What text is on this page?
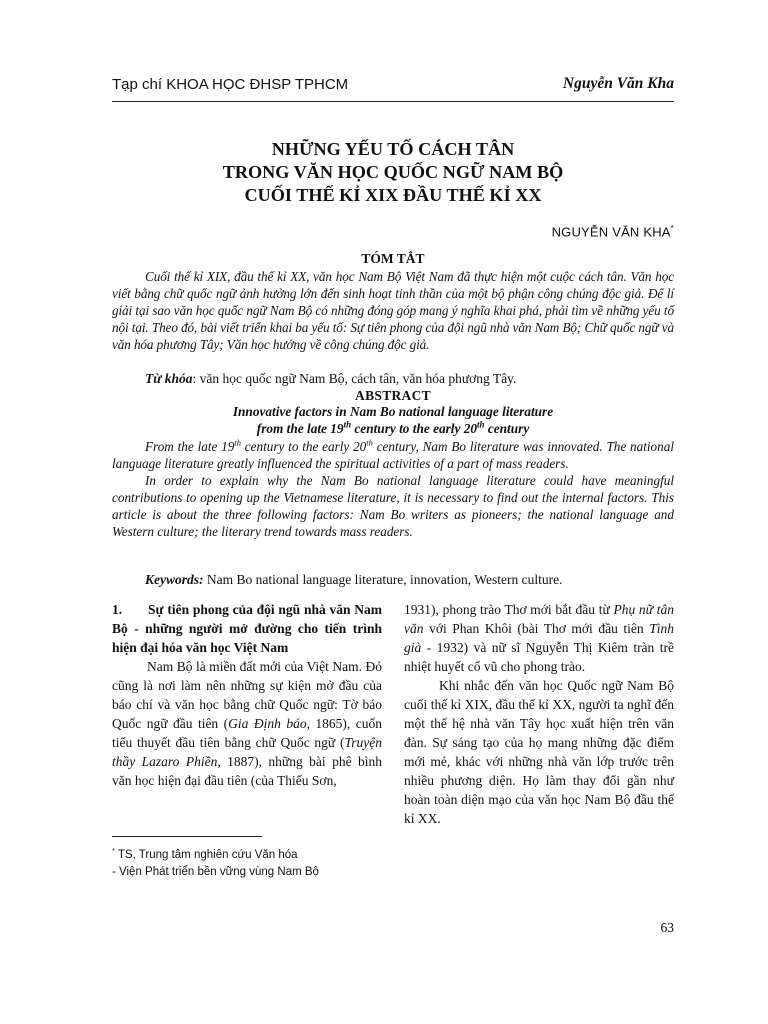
Tạp chí KHOA HỌC ĐHSP TPHCM	Nguyễn Văn Kha
NHỮNG YẾU TỐ CÁCH TÂN
TRONG VĂN HỌC QUỐC NGỮ NAM BỘ
CUỐI THẾ KỈ XIX ĐẦU THẾ KỈ XX
NGUYỄN VĂN KHA*
TÓM TẮT

Cuối thế kỉ XIX, đầu thế kỉ XX, văn học Nam Bộ Việt Nam đã thực hiện một cuộc cách tân. Văn học viết bằng chữ quốc ngữ ảnh hưởng lớn đến sinh hoạt tinh thần của một bộ phận công chúng độc giả. Để lí giải tại sao văn học quốc ngữ Nam Bộ có những đóng góp mang ý nghĩa khai phá, phải tìm về những yếu tố nội tại. Theo đó, bài viết triển khai ba yếu tố: Sự tiên phong của đội ngũ nhà văn Nam Bộ; Chữ quốc ngữ và văn hóa phương Tây; Văn học hướng về công chúng độc giả.

Từ khóa: văn học quốc ngữ Nam Bộ, cách tân, văn hóa phương Tây.
ABSTRACT
Innovative factors in Nam Bo national language literature
from the late 19th century to the early 20th century

From the late 19th century to the early 20th century, Nam Bo literature was innovated. The national language literature greatly influenced the spiritual activities of a part of mass readers.

In order to explain why the Nam Bo national language literature could have meaningful contributions to opening up the Vietnamese literature, it is necessary to find out the internal factors. This article is about the three following factors: Nam Bo writers as pioneers; the national language and Western culture; the literary trend towards mass readers.

Keywords: Nam Bo national language literature, innovation, Western culture.

1. Sự tiên phong của đội ngũ nhà văn Nam Bộ - những người mở đường cho tiến trình hiện đại hóa văn học Việt Nam

Nam Bộ là miền đất mới của Việt Nam. Đó cũng là nơi làm nên những sự kiện mở đầu của báo chí và văn học bằng chữ Quốc ngữ: Tờ báo Quốc ngữ đầu tiên (Gia Định báo, 1865), cuốn tiểu thuyết đầu tiên bằng chữ Quốc ngữ (Truyện thầy Lazaro Phiền, 1887), những bài phê bình văn học hiện đại đầu tiên (của Thiếu Sơn,

1931), phong trào Thơ mới bắt đầu từ Phụ nữ tân văn với Phan Khôi (bài Thơ mới đầu tiên Tình già - 1932) và nữ sĩ Nguyễn Thị Kiêm tràn trề nhiệt huyết cổ vũ cho phong trào.

Khi nhắc đến văn học Quốc ngữ Nam Bộ cuối thế kỉ XIX, đầu thế kỉ XX, người ta nghĩ đến một thế hệ nhà văn Tây học xuất hiện trên văn đàn. Sự sáng tạo của họ mang những đặc điểm mới mẻ, khác với những nhà văn lớp trước trên nhiều phương diện. Họ làm thay đổi gần như hoàn toàn diện mạo của văn học Nam Bộ đầu thế kỉ XX.

* TS, Trung tâm nghiên cứu Văn hóa
- Viện Phát triển bền vững vùng Nam Bộ
63
